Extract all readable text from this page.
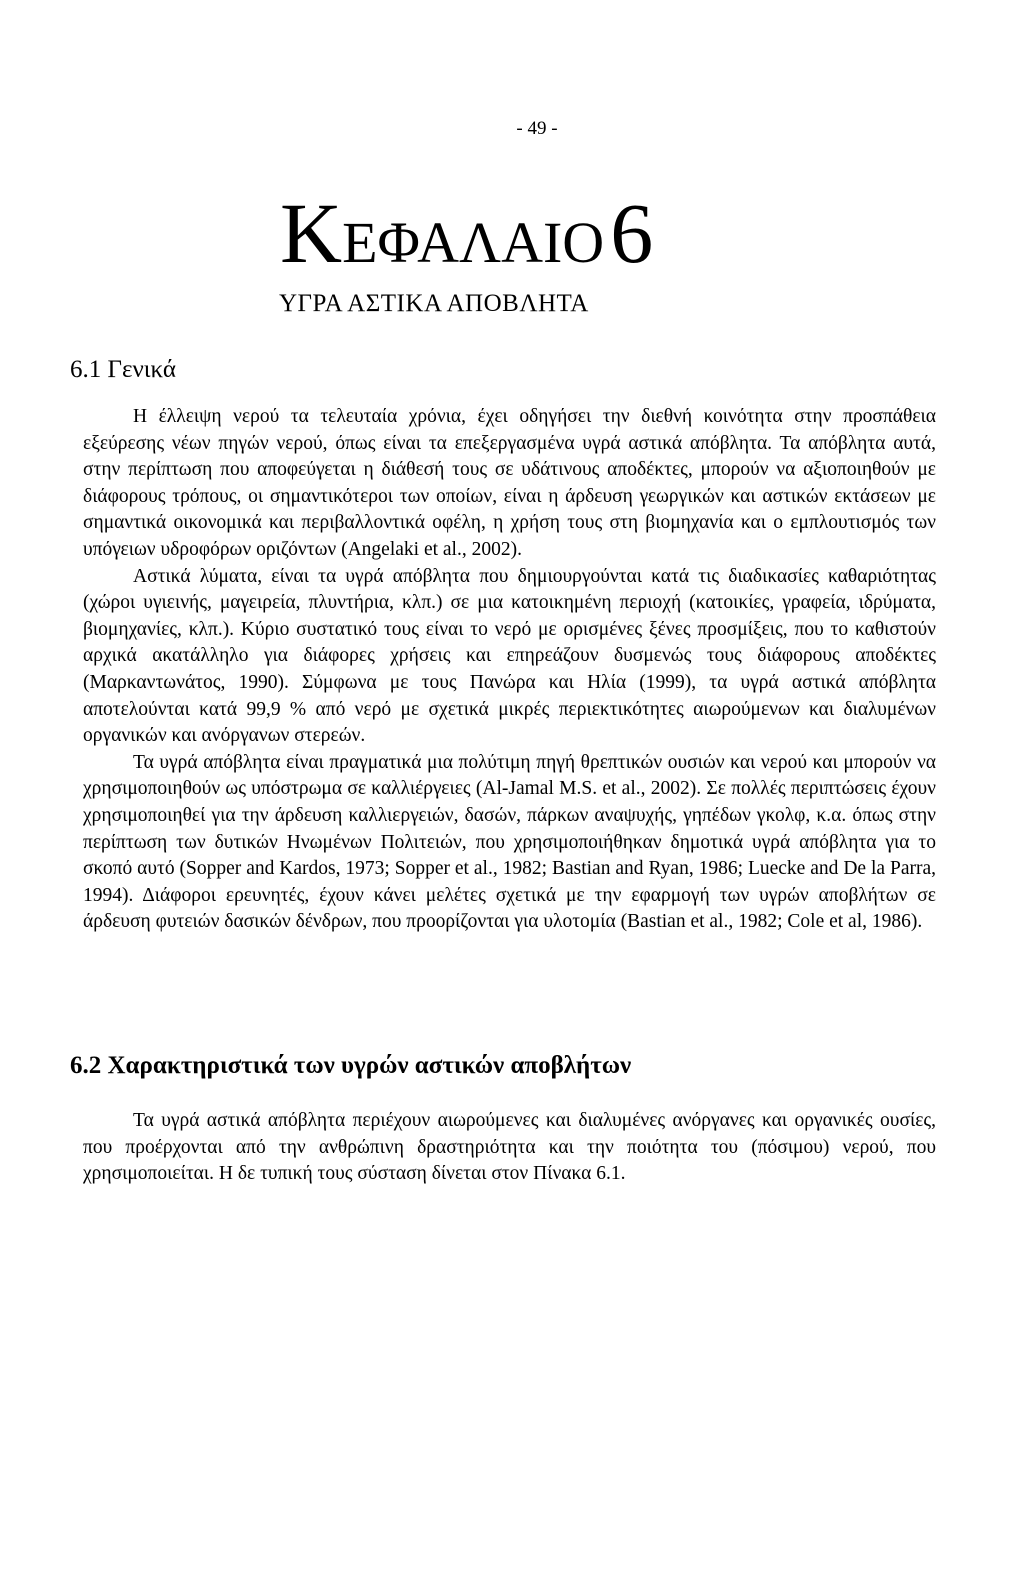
- 49 -
ΚΕΦΑΛΑΙΟ6
ΥΓΡΑ ΑΣΤΙΚΑ ΑΠΟΒΛΗΤΑ
6.1 Γενικά

Η έλλειψη νερού τα τελευταία χρόνια, έχει οδηγήσει την διεθνή κοινότητα στην προσπάθεια εξεύρεσης νέων πηγών νερού, όπως είναι τα επεξεργασμένα υγρά αστικά απόβλητα. Τα απόβλητα αυτά, στην περίπτωση που αποφεύγεται η διάθεσή τους σε υδάτινους αποδέκτες, μπορούν να αξιοποιηθούν με διάφορους τρόπους, οι σημαντικότεροι των οποίων, είναι η άρδευση γεωργικών και αστικών εκτάσεων με σημαντικά οικονομικά και περιβαλλοντικά οφέλη, η χρήση τους στη βιομηχανία και ο εμπλουτισμός των υπόγειων υδροφόρων οριζόντων (Angelaki et al., 2002).

Αστικά λύματα, είναι τα υγρά απόβλητα που δημιουργούνται κατά τις διαδικασίες καθαριότητας (χώροι υγιεινής, μαγειρεία, πλυντήρια, κλπ.) σε μια κατοικημένη περιοχή (κατοικίες, γραφεία, ιδρύματα, βιομηχανίες, κλπ.). Κύριο συστατικό τους είναι το νερό με ορισμένες ξένες προσμίξεις, που το καθιστούν αρχικά ακατάλληλο για διάφορες χρήσεις και επηρεάζουν δυσμενώς τους διάφορους αποδέκτες (Μαρκαντωνάτος, 1990). Σύμφωνα με τους Πανώρα και Ηλία (1999), τα υγρά αστικά απόβλητα αποτελούνται κατά 99,9 % από νερό με σχετικά μικρές περιεκτικότητες αιωρούμενων και διαλυμένων οργανικών και ανόργανων στερεών.

Τα υγρά απόβλητα είναι πραγματικά μια πολύτιμη πηγή θρεπτικών ουσιών και νερού και μπορούν να χρησιμοποιηθούν ως υπόστρωμα σε καλλιέργειες (Al-Jamal M.S. et al., 2002). Σε πολλές περιπτώσεις έχουν χρησιμοποιηθεί για την άρδευση καλλιεργειών, δασών, πάρκων αναψυχής, γηπέδων γκολφ, κ.α. όπως στην περίπτωση των δυτικών Ηνωμένων Πολιτειών, που χρησιμοποιήθηκαν δημοτικά υγρά απόβλητα για το σκοπό αυτό (Sopper and Kardos, 1973; Sopper et al., 1982; Bastian and Ryan, 1986; Luecke and De la Parra, 1994). Διάφοροι ερευνητές, έχουν κάνει μελέτες σχετικά με την εφαρμογή των υγρών αποβλήτων σε άρδευση φυτειών δασικών δένδρων, που προορίζονται για υλοτομία (Bastian et al., 1982; Cole et al, 1986).

6.2 Χαρακτηριστικά των υγρών αστικών αποβλήτων

Τα υγρά αστικά απόβλητα περιέχουν αιωρούμενες και διαλυμένες ανόργανες και οργανικές ουσίες, που προέρχονται από την ανθρώπινη δραστηριότητα και την ποιότητα του (πόσιμου) νερού, που χρησιμοποιείται. Η δε τυπική τους σύσταση δίνεται στον Πίνακα 6.1.
